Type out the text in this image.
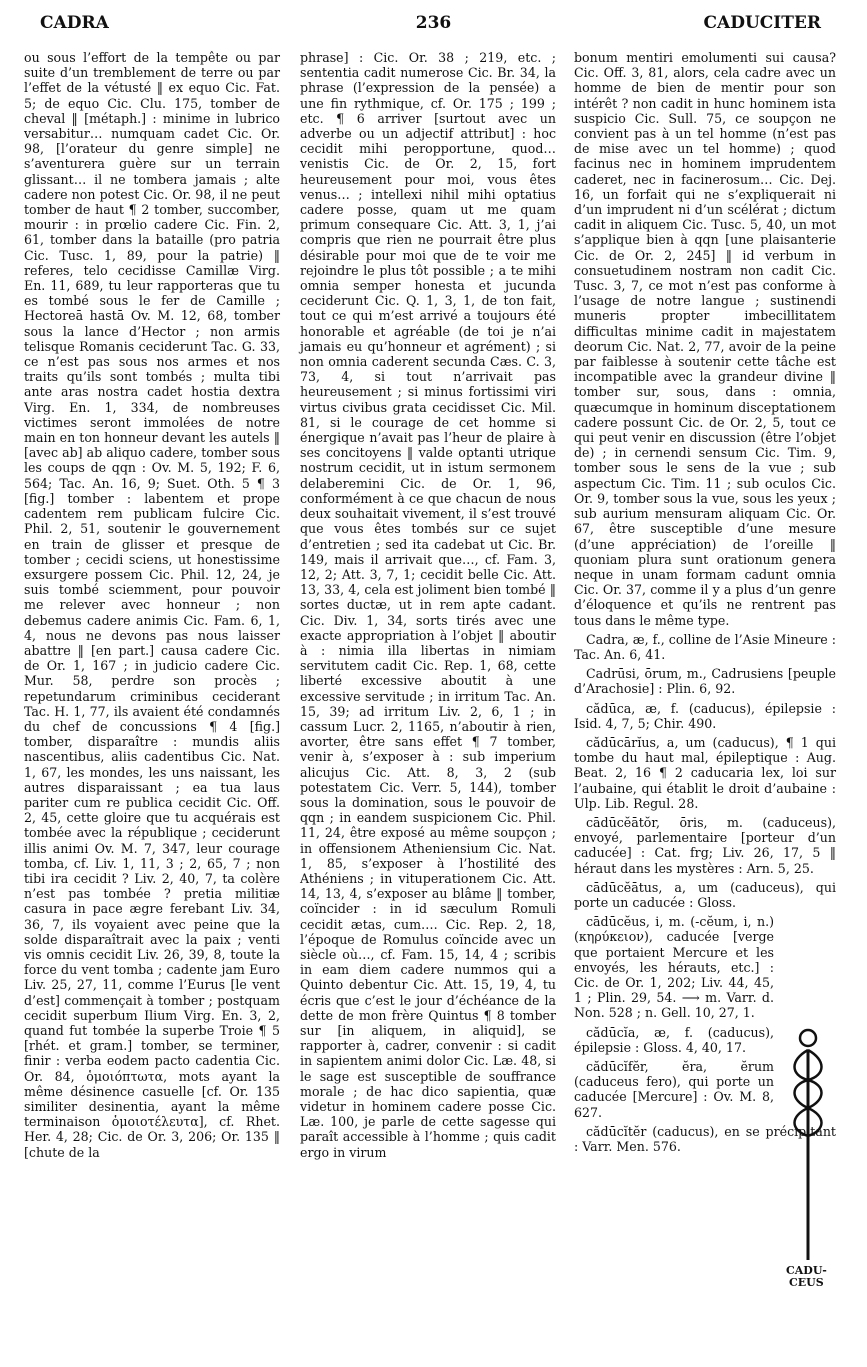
CADRA	236	CADUCITER

ou sous l’effort de la tempête ou par suite d’un tremblement de terre ou par l’effet de la vétusté ‖ ex equo Cic. Fat. 5; de equo Cic. Clu. 175, tomber de cheval ‖ [métaph.] : minime in lubrico versabitur… numquam cadet Cic. Or. 98, [l’orateur du genre simple] ne s’aventurera guère sur un terrain glissant… il ne tombera jamais ; alte cadere non potest Cic. Or. 98, il ne peut tomber de haut ¶ 2 tomber, succomber, mourir : in prœlio cadere Cic. Fin. 2, 61, tomber dans la bataille (pro patria Cic. Tusc. 1, 89, pour la patrie) ‖ referes, telo cecidisse Camillæ Virg. En. 11, 689, tu leur rapporteras que tu es tombé sous le fer de Camille ; Hectoreā hastā Ov. M. 12, 68, tomber sous la lance d’Hector ; non armis telisque Romanis ceciderunt Tac. G. 33, ce n’est pas sous nos armes et nos traits qu’ils sont tombés ; multa tibi ante aras nostra cadet hostia dextra Virg. En. 1, 334, de nombreuses victimes seront immolées de notre main en ton honneur devant les autels ‖ [avec ab] ab aliquo cadere, tomber sous les coups de qqn : Ov. M. 5, 192; F. 6, 564; Tac. An. 16, 9; Suet. Oth. 5 ¶ 3 [fig.] tomber : labentem et prope cadentem rem publicam fulcire Cic. Phil. 2, 51, soutenir le gouvernement en train de glisser et presque de tomber ; cecidi sciens, ut honestissime exsurgere possem Cic. Phil. 12, 24, je suis tombé sciemment, pour pouvoir me relever avec honneur ; non debemus cadere animis Cic. Fam. 6, 1, 4, nous ne devons pas nous laisser abattre ‖ [en part.] causa cadere Cic. de Or. 1, 167 ; in judicio cadere Cic. Mur. 58, perdre son procès ; repetundarum criminibus ceciderant Tac. H. 1, 77, ils avaient été condamnés du chef de concussions ¶ 4 [fig.] tomber, disparaître : mundis aliis nascentibus, aliis cadentibus Cic. Nat. 1, 67, les mondes, les uns naissant, les autres disparaissant ; ea tua laus pariter cum re publica cecidit Cic. Off. 2, 45, cette gloire que tu acquérais est tombée avec la république ; ceciderunt illis animi Ov. M. 7, 347, leur courage tomba, cf. Liv. 1, 11, 3 ; 2, 65, 7 ; non tibi ira cecidit ? Liv. 2, 40, 7, ta colère n’est pas tombée ? pretia militiæ casura in pace ægre ferebant Liv. 34, 36, 7, ils voyaient avec peine que la solde disparaîtrait avec la paix ; venti vis omnis cecidit Liv. 26, 39, 8, toute la force du vent tomba ; cadente jam Euro Liv. 25, 27, 11, comme l’Eurus [le vent d’est] commençait à tomber ; postquam cecidit superbum Ilium Virg. En. 3, 2, quand fut tombée la superbe Troie ¶ 5 [rhét. et gram.] tomber, se terminer, finir : verba eodem pacto cadentia Cic. Or. 84, ὁμοιόπτωτα, mots ayant la même désinence casuelle [cf. Or. 135 similiter desinentia, ayant la même terminaison ὁμοιοτέλευτα], cf. Rhet. Her. 4, 28; Cic. de Or. 3, 206; Or. 135 ‖ [chute de la

phrase] : Cic. Or. 38 ; 219, etc. ; sententia cadit numerose Cic. Br. 34, la phrase (l’expression de la pensée) a une fin rythmique, cf. Or. 175 ; 199 ; etc. ¶ 6 arriver [surtout avec un adverbe ou un adjectif attribut] : hoc cecidit mihi peropportune, quod… venistis Cic. de Or. 2, 15, fort heureusement pour moi, vous êtes venus… ; intellexi nihil mihi optatius cadere posse, quam ut me quam primum consequare Cic. Att. 3, 1, j’ai compris que rien ne pourrait être plus désirable pour moi que de te voir me rejoindre le plus tôt possible ; a te mihi omnia semper honesta et jucunda ceciderunt Cic. Q. 1, 3, 1, de ton fait, tout ce qui m’est arrivé a toujours été honorable et agréable (de toi je n’ai jamais eu qu’honneur et agrément) ; si non omnia caderent secunda Cæs. C. 3, 73, 4, si tout n’arrivait pas heureusement ; si minus fortissimi viri virtus civibus grata cecidisset Cic. Mil. 81, si le courage de cet homme si énergique n’avait pas l’heur de plaire à ses concitoyens ‖ valde optanti utrique nostrum cecidit, ut in istum sermonem delaberemini Cic. de Or. 1, 96, conformément à ce que chacun de nous deux souhaitait vivement, il s’est trouvé que vous êtes tombés sur ce sujet d’entretien ; sed ita cadebat ut Cic. Br. 149, mais il arrivait que…, cf. Fam. 3, 12, 2; Att. 3, 7, 1; cecidit belle Cic. Att. 13, 33, 4, cela est joliment bien tombé ‖ sortes ductæ, ut in rem apte cadant. Cic. Div. 1, 34, sorts tirés avec une exacte appropriation à l’objet ‖ aboutir à : nimia illa libertas in nimiam servitutem cadit Cic. Rep. 1, 68, cette liberté excessive aboutit à une excessive servitude ; in irritum Tac. An. 15, 39; ad irritum Liv. 2, 6, 1 ; in cassum Lucr. 2, 1165, n’aboutir à rien, avorter, être sans effet ¶ 7 tomber, venir à, s’exposer à : sub imperium alicujus Cic. Att. 8, 3, 2 (sub potestatem Cic. Verr. 5, 144), tomber sous la domination, sous le pouvoir de qqn ; in eandem suspicionem Cic. Phil. 11, 24, être exposé au même soupçon ; in offensionem Atheniensium Cic. Nat. 1, 85, s’exposer à l’hostilité des Athéniens ; in vituperationem Cic. Att. 14, 13, 4, s’exposer au blâme ‖ tomber, coïncider : in id sæculum Romuli cecidit ætas, cum…. Cic. Rep. 2, 18, l’époque de Romulus coïncide avec un siècle où…, cf. Fam. 15, 14, 4 ; scribis in eam diem cadere nummos qui a Quinto debentur Cic. Att. 15, 19, 4, tu écris que c’est le jour d’échéance de la dette de mon frère Quintus ¶ 8 tomber sur [in aliquem, in aliquid], se rapporter à, cadrer, convenir : si cadit in sapientem animi dolor Cic. Læ. 48, si le sage est susceptible de souffrance morale ; de hac dico sapientia, quæ videtur in hominem cadere posse Cic. Læ. 100, je parle de cette sagesse qui paraît accessible à l’homme ; quis cadit ergo in virum

bonum mentiri emolumenti sui causa? Cic. Off. 3, 81, alors, cela cadre avec un homme de bien de mentir pour son intérêt ? non cadit in hunc hominem ista suspicio Cic. Sull. 75, ce soupçon ne convient pas à un tel homme (n’est pas de mise avec un tel homme) ; quod facinus nec in hominem imprudentem caderet, nec in facinerosum… Cic. Dej. 16, un forfait qui ne s’expliquerait ni d’un imprudent ni d’un scélérat ; dictum cadit in aliquem Cic. Tusc. 5, 40, un mot s’applique bien à qqn [une plaisanterie Cic. de Or. 2, 245] ‖ id verbum in consuetudinem nostram non cadit Cic. Tusc. 3, 7, ce mot n’est pas conforme à l’usage de notre langue ; sustinendi muneris propter imbecillitatem difficultas minime cadit in majestatem deorum Cic. Nat. 2, 77, avoir de la peine par faiblesse à soutenir cette tâche est incompatible avec la grandeur divine ‖ tomber sur, sous, dans : omnia, quæcumque in hominum disceptationem cadere possunt Cic. de Or. 2, 5, tout ce qui peut venir en discussion (être l’objet de) ; in cernendi sensum Cic. Tim. 9, tomber sous le sens de la vue ; sub aspectum Cic. Tim. 11 ; sub oculos Cic. Or. 9, tomber sous la vue, sous les yeux ; sub aurium mensuram aliquam Cic. Or. 67, être susceptible d’une mesure (d’une appréciation) de l’oreille ‖ quoniam plura sunt orationum genera neque in unam formam cadunt omnia Cic. Or. 37, comme il y a plus d’un genre d’éloquence et qu’ils ne rentrent pas tous dans le même type.

Cadra, æ, f., colline de l’Asie Mineure : Tac. An. 6, 41.

Cadrūsi, ōrum, m., Cadrusiens [peuple d’Arachosie] : Plin. 6, 92.

cădūca, æ, f. (caducus), épilepsie : Isid. 4, 7, 5; Chir. 490.

cădūcārĭus, a, um (caducus), ¶ 1 qui tombe du haut mal, épileptique : Aug. Beat. 2, 16 ¶ 2 caducaria lex, loi sur l’aubaine, qui établit le droit d’aubaine : Ulp. Lib. Regul. 28.

cādūcĕātŏr, ōris, m. (caduceus), envoyé, parlementaire [porteur d’un caducée] : Cat. frg; Liv. 26, 17, 5 ‖ héraut dans les mystères : Arn. 5, 25.

cādūcĕātus, a, um (caduceus), qui porte un caducée : Gloss.

cādūcĕus, i, m. (-cĕum, i, n.) (κηρύκειον), caducée [verge que portaient Mercure et les envoyés, les hérauts, etc.] : Cic. de Or. 1, 202; Liv. 44, 45, 1 ; Plin. 29, 54. ⟶ m. Varr. d. Non. 528 ; n. Gell. 10, 27, 1.

cădūcĭa, æ, f. (caducus), épilepsie : Gloss. 4, 40, 17.

cădūcĭfĕr, ĕra, ĕrum (caduceus fero), qui porte un caducée [Mercure] : Ov. M. 8, 627.

cădūcĭtĕr (caducus), en se précipitant : Varr. Men. 576.

CADU-
CEUS
